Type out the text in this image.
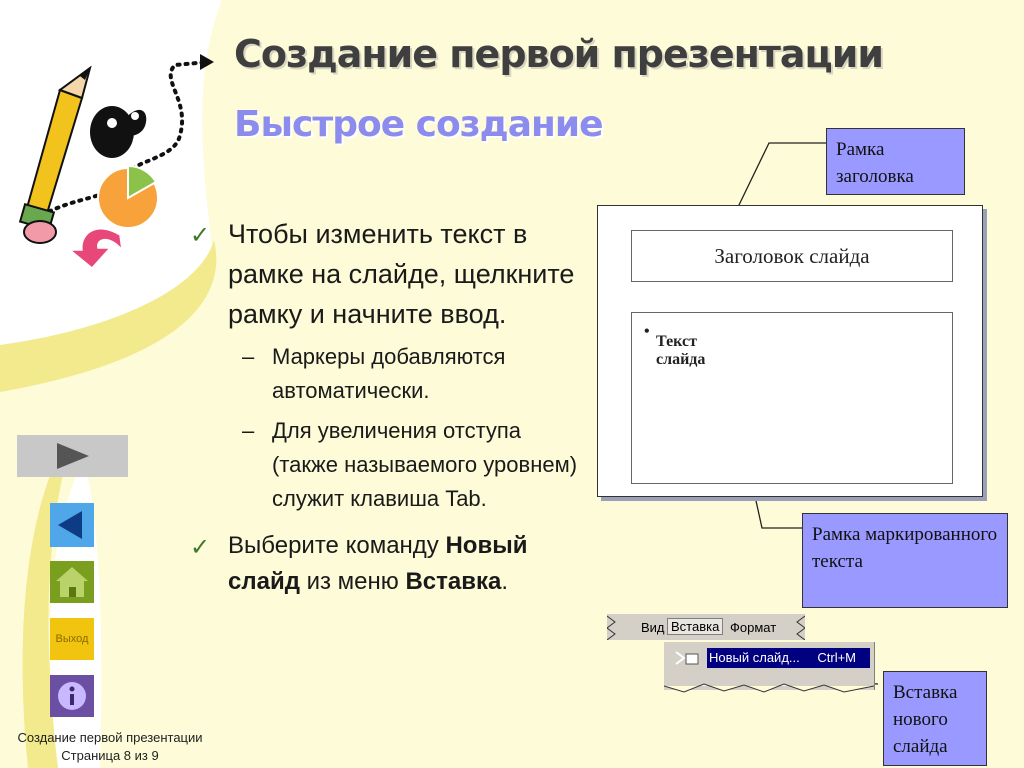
Создание первой презентации
Быстрое создание
✓ Чтобы изменить текст в рамке на слайде, щелкните рамку и начните ввод.
– Маркеры добавляются автоматически.
– Для увеличения отступа (также называемого уровнем) служит клавиша Tab.
✓ Выберите команду Новый слайд из меню Вставка.
Выход
Создание первой презентации
Страница 8 из 9
Заголовок слайда
•
Текст слайда
Рамка заголовка
Рамка маркированного текста
Вставка нового слайда
Вид Вставка Формат
Новый слайд... Ctrl+M
